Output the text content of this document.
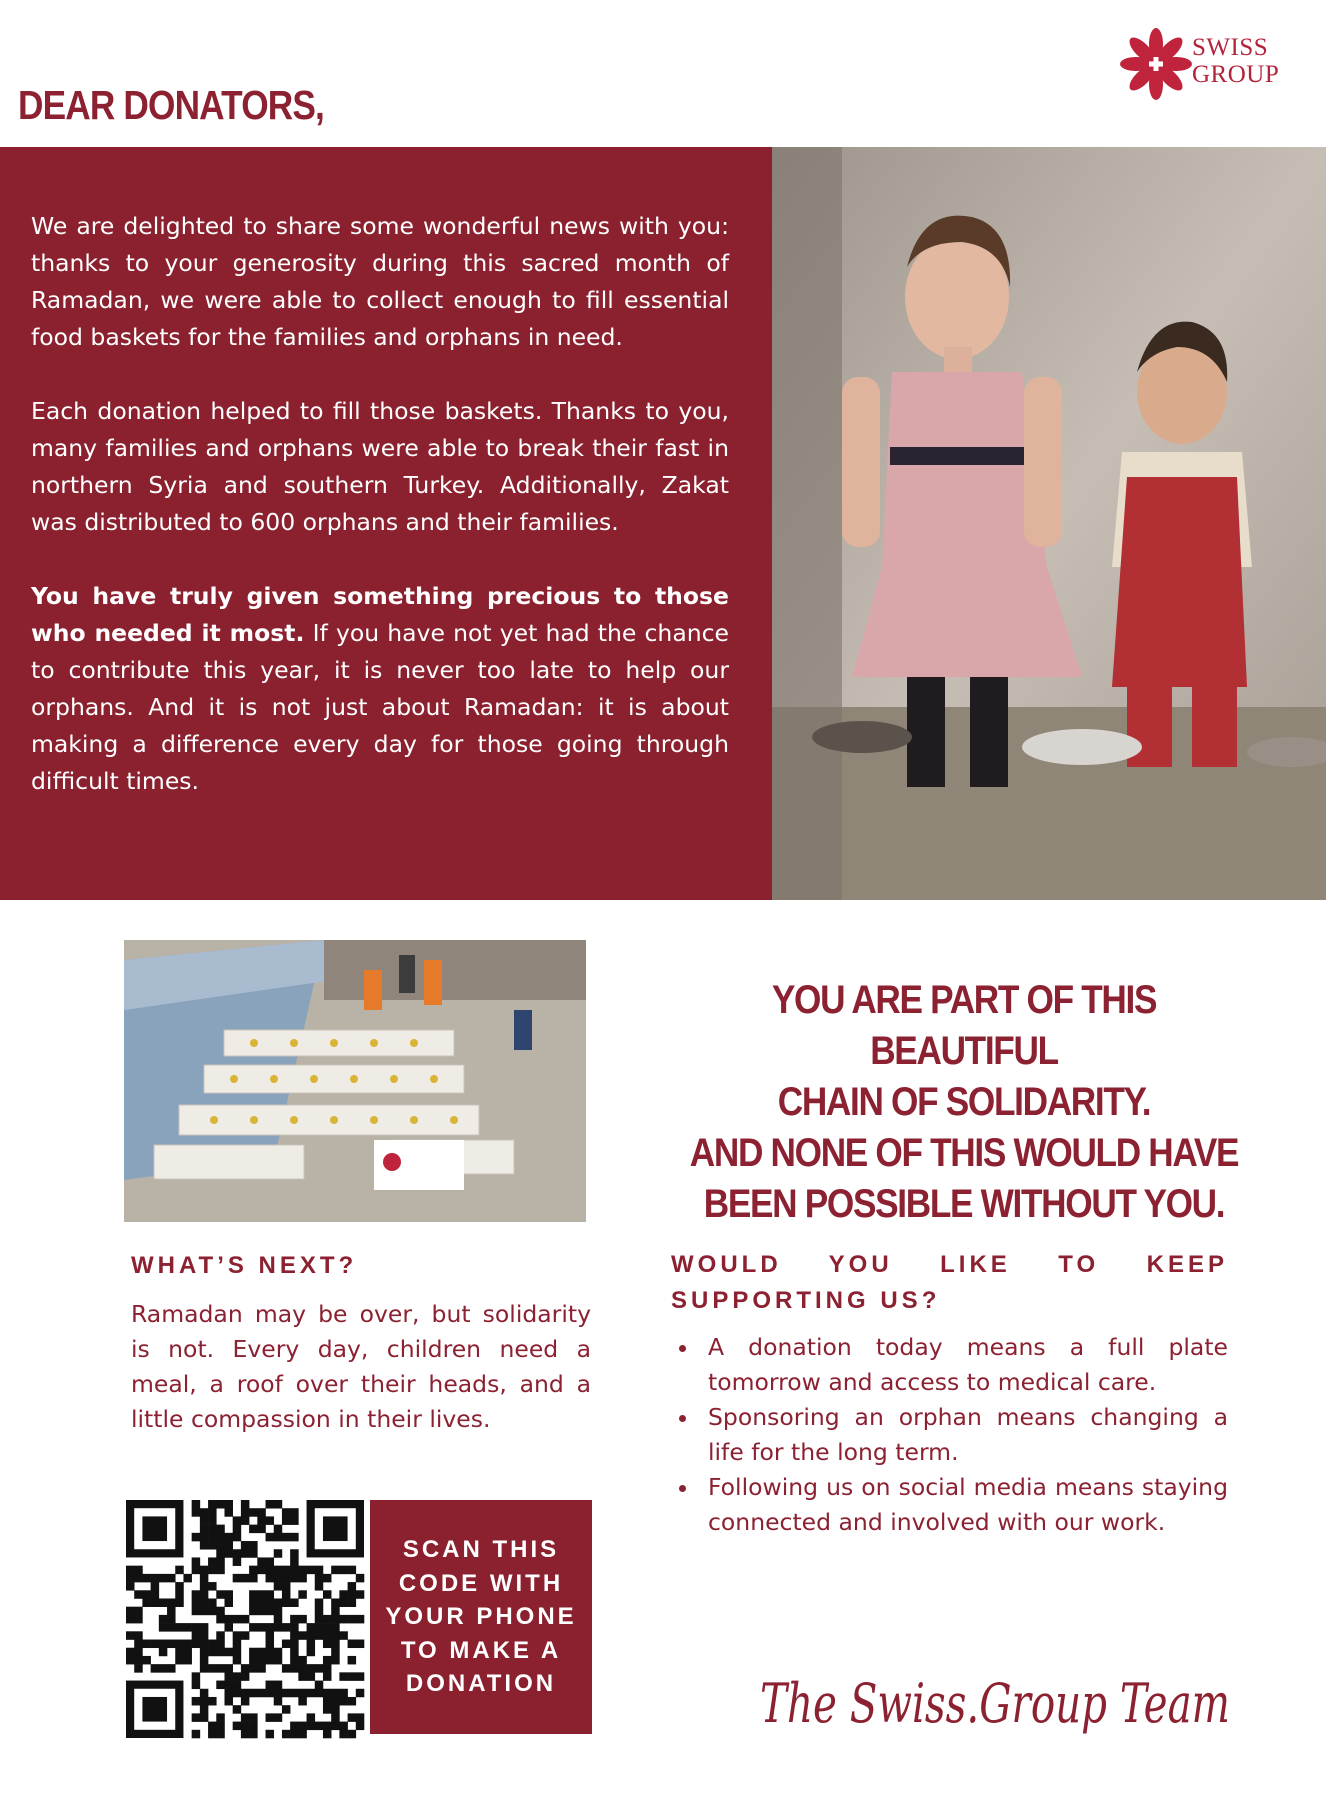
SWISS
GROUP
DEAR DONATORS,

We are delighted to share some wonderful news with you: thanks to your generosity during this sacred month of Ramadan, we were able to collect enough to fill essential food baskets for the families and orphans in need.

Each donation helped to fill those baskets. Thanks to you, many families and orphans were able to break their fast in northern Syria and southern Turkey. Additionally, Zakat was distributed to 600 orphans and their families.

You have truly given something precious to those who needed it most. If you have not yet had the chance to contribute this year, it is never too late to help our orphans. And it is not just about Ramadan: it is about making a difference every day for those going through difficult times.

YOU ARE PART OF THIS BEAUTIFUL
CHAIN OF SOLIDARITY.
AND NONE OF THIS WOULD HAVE
BEEN POSSIBLE WITHOUT YOU.
WHAT’S NEXT?
Ramadan may be over, but solidarity is not. Every day, children need a meal, a roof over their heads, and a little compassion in their lives.
WOULD YOU LIKE TO KEEP SUPPORTING US?
A donation today means a full plate tomorrow and access to medical care.
Sponsoring an orphan means changing a life for the long term.
Following us on social media means staying connected and involved with our work.
SCAN THIS CODE WITH YOUR PHONE TO MAKE A DONATION	The Swiss.Group Team
